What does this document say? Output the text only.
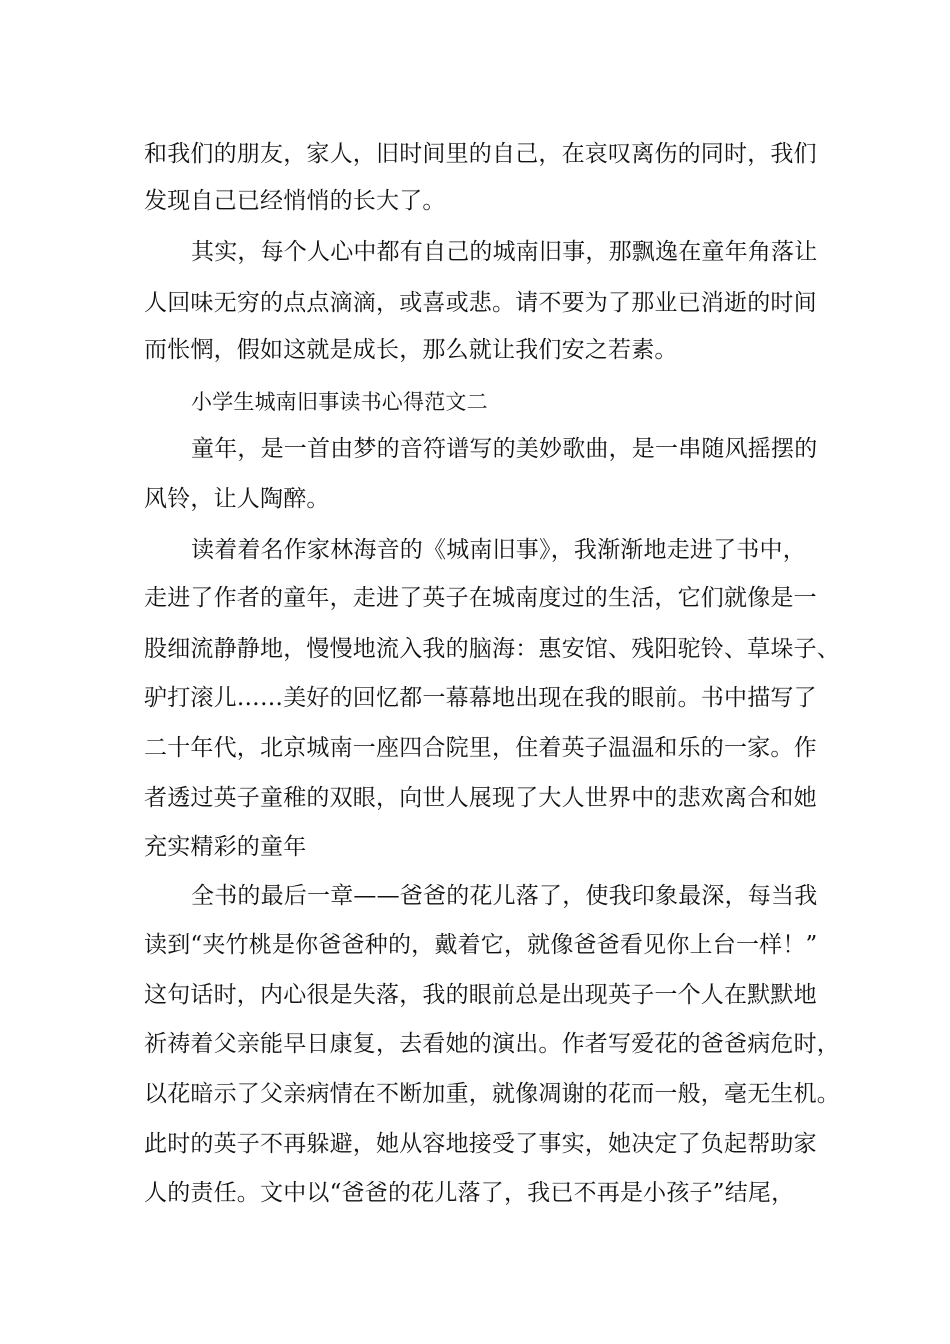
和我们的朋友，家人，旧时间里的自己，在哀叹离伤的同时，我们
发现自己已经悄悄的长大了。
其实，每个人心中都有自己的城南旧事，那飘逸在童年角落让
人回味无穷的点点滴滴，或喜或悲。请不要为了那业已消逝的时间
而怅惘，假如这就是成长，那么就让我们安之若素。
小学生城南旧事读书心得范文二
童年，是一首由梦的音符谱写的美妙歌曲，是一串随风摇摆的
风铃，让人陶醉。
读着着名作家林海音的《城南旧事》，我渐渐地走进了书中，
走进了作者的童年，走进了英子在城南度过的生活，它们就像是一
股细流静静地，慢慢地流入我的脑海：惠安馆、残阳驼铃、草垛子、
驴打滚儿……美好的回忆都一幕幕地出现在我的眼前。书中描写了
二十年代，北京城南一座四合院里，住着英子温温和乐的一家。作
者透过英子童稚的双眼，向世人展现了大人世界中的悲欢离合和她
充实精彩的童年
全书的最后一章——爸爸的花儿落了，使我印象最深，每当我
读到“夹竹桃是你爸爸种的，戴着它，就像爸爸看见你上台一样！”
这句话时，内心很是失落，我的眼前总是出现英子一个人在默默地
祈祷着父亲能早日康复，去看她的演出。作者写爱花的爸爸病危时，
以花暗示了父亲病情在不断加重，就像凋谢的花而一般，毫无生机。
此时的英子不再躲避，她从容地接受了事实，她决定了负起帮助家
人的责任。文中以“爸爸的花儿落了，我已不再是小孩子”结尾，
